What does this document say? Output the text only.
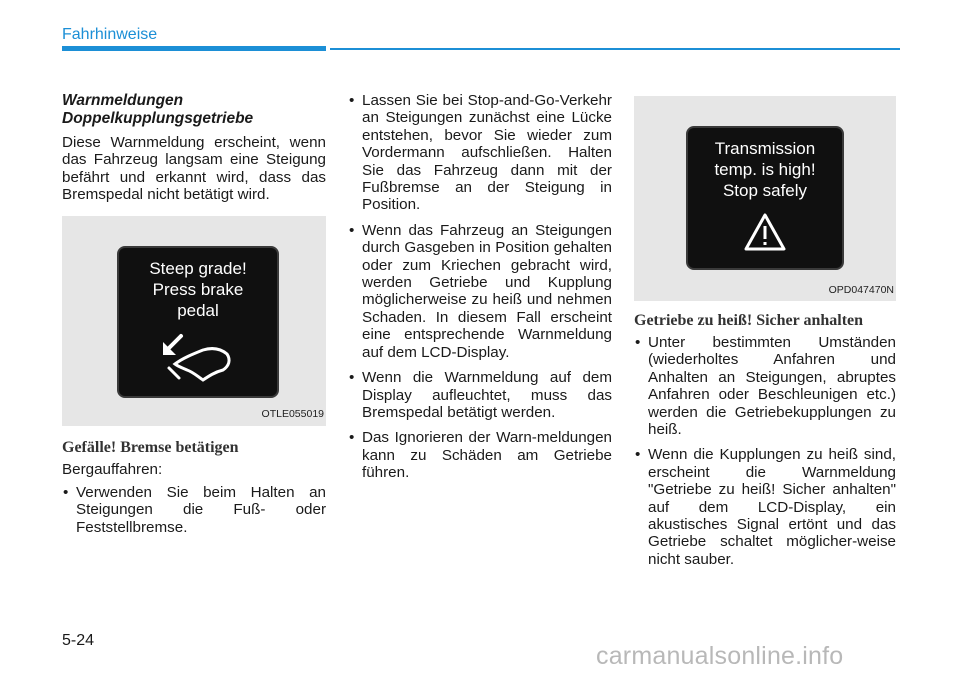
Fahrhinweise
Warnmeldungen Doppelkupplungsgetriebe

Diese Warnmeldung erscheint, wenn das Fahrzeug langsam eine Steigung befährt und erkannt wird, dass das Bremspedal nicht betätigt wird.

Steep grade!
Press brake
pedal
OTLE055019
Gefälle! Bremse betätigen

Bergauffahren:

• Verwenden Sie beim Halten an Steigungen die Fuß- oder Feststellbremse.
• Lassen Sie bei Stop-and-Go-Verkehr an Steigungen zunächst eine Lücke entstehen, bevor Sie wieder zum Vordermann aufschließen. Halten Sie das Fahrzeug dann mit der Fußbremse an der Steigung in Position.
• Wenn das Fahrzeug an Steigungen durch Gasgeben in Position gehalten oder zum Kriechen gebracht wird, werden Getriebe und Kupplung möglicherweise zu heiß und nehmen Schaden. In diesem Fall erscheint eine entsprechende Warnmeldung auf dem LCD-Display.
• Wenn die Warnmeldung auf dem Display aufleuchtet, muss das Bremspedal betätigt werden.
• Das Ignorieren der Warn-meldungen kann zu Schäden am Getriebe führen.
Transmission
temp. is high!
Stop safely
OPD047470N
Getriebe zu heiß! Sicher anhalten
• Unter bestimmten Umständen (wiederholtes Anfahren und Anhalten an Steigungen, abruptes Anfahren oder Beschleunigen etc.) werden die Getriebekupplungen zu heiß.
• Wenn die Kupplungen zu heiß sind, erscheint die Warnmeldung "Getriebe zu heiß! Sicher anhalten" auf dem LCD-Display, ein akustisches Signal ertönt und das Getriebe schaltet möglicher-weise nicht sauber.
5-24
carmanualsonline.info
